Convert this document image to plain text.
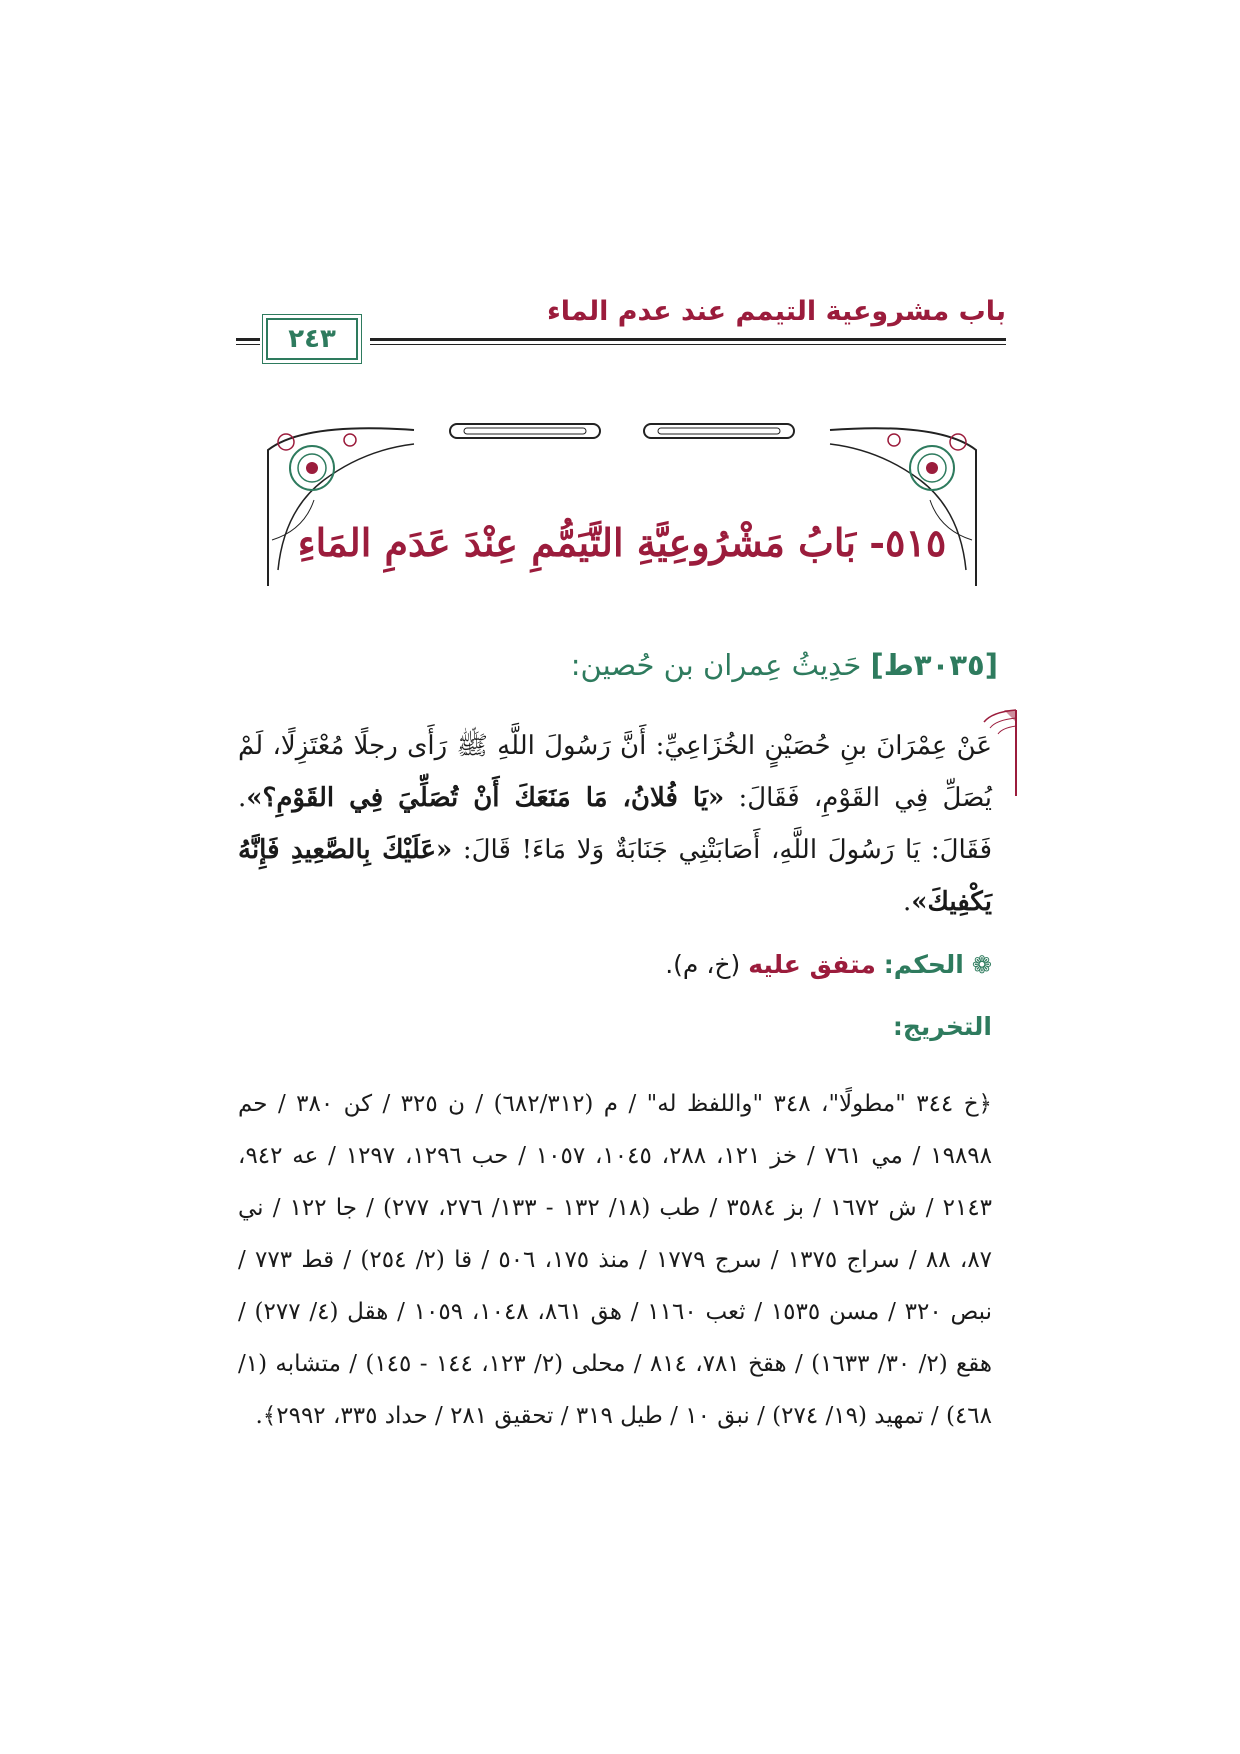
باب مشروعية التيمم عند عدم الماء
٢٤٣
٥١٥- بَابُ مَشْرُوعِيَّةِ التَّيَمُّمِ عِنْدَ عَدَمِ المَاءِ
[٣٠٣٥ط] حَدِيثُ عِمران بن حُصين:
عَنْ عِمْرَانَ بنِ حُصَيْنٍ الخُزَاعِيِّ: أَنَّ رَسُولَ اللَّهِ ﷺ رَأَى رجلًا مُعْتَزِلًا، لَمْ يُصَلِّ فِي القَوْمِ، فَقَالَ: «يَا فُلانُ، مَا مَنَعَكَ أَنْ تُصَلِّيَ فِي القَوْمِ؟». فَقَالَ: يَا رَسُولَ اللَّهِ، أَصَابَتْنِي جَنَابَةٌ وَلا مَاءَ! قَالَ: «عَلَيْكَ بِالصَّعِيدِ فَإِنَّهُ يَكْفِيكَ».
❁الحكم: متفق عليه (خ، م).
التخريج:
﴿خ ٣٤٤ "مطولًا"، ٣٤٨ "واللفظ له" / م (٦٨٢/٣١٢) / ن ٣٢٥ / كن ٣٨٠ / حم ١٩٨٩٨ / مي ٧٦١ / خز ١٢١، ٢٨٨، ١٠٤٥، ١٠٥٧ / حب ١٢٩٦، ١٢٩٧ / عه ٩٤٢، ٢١٤٣ / ش ١٦٧٢ / بز ٣٥٨٤ / طب (١٨/ ١٣٢ - ١٣٣/ ٢٧٦، ٢٧٧) / جا ١٢٢ / ني ٨٧، ٨٨ / سراج ١٣٧٥ / سرج ١٧٧٩ / منذ ١٧٥، ٥٠٦ / قا (٢/ ٢٥٤) / قط ٧٧٣ / نبص ٣٢٠ / مسن ١٥٣٥ / ثعب ١١٦٠ / هق ٨٦١، ١٠٤٨، ١٠٥٩ / هقل (٤/ ٢٧٧) / هقع (٢/ ٣٠/ ١٦٣٣) / هقخ ٧٨١، ٨١٤ / محلى (٢/ ١٢٣، ١٤٤ - ١٤٥) / متشابه (١/ ٤٦٨) / تمهيد (١٩/ ٢٧٤) / نبق ١٠ / طيل ٣١٩ / تحقيق ٢٨١ / حداد ٣٣٥، ٢٩٩٢﴾.
